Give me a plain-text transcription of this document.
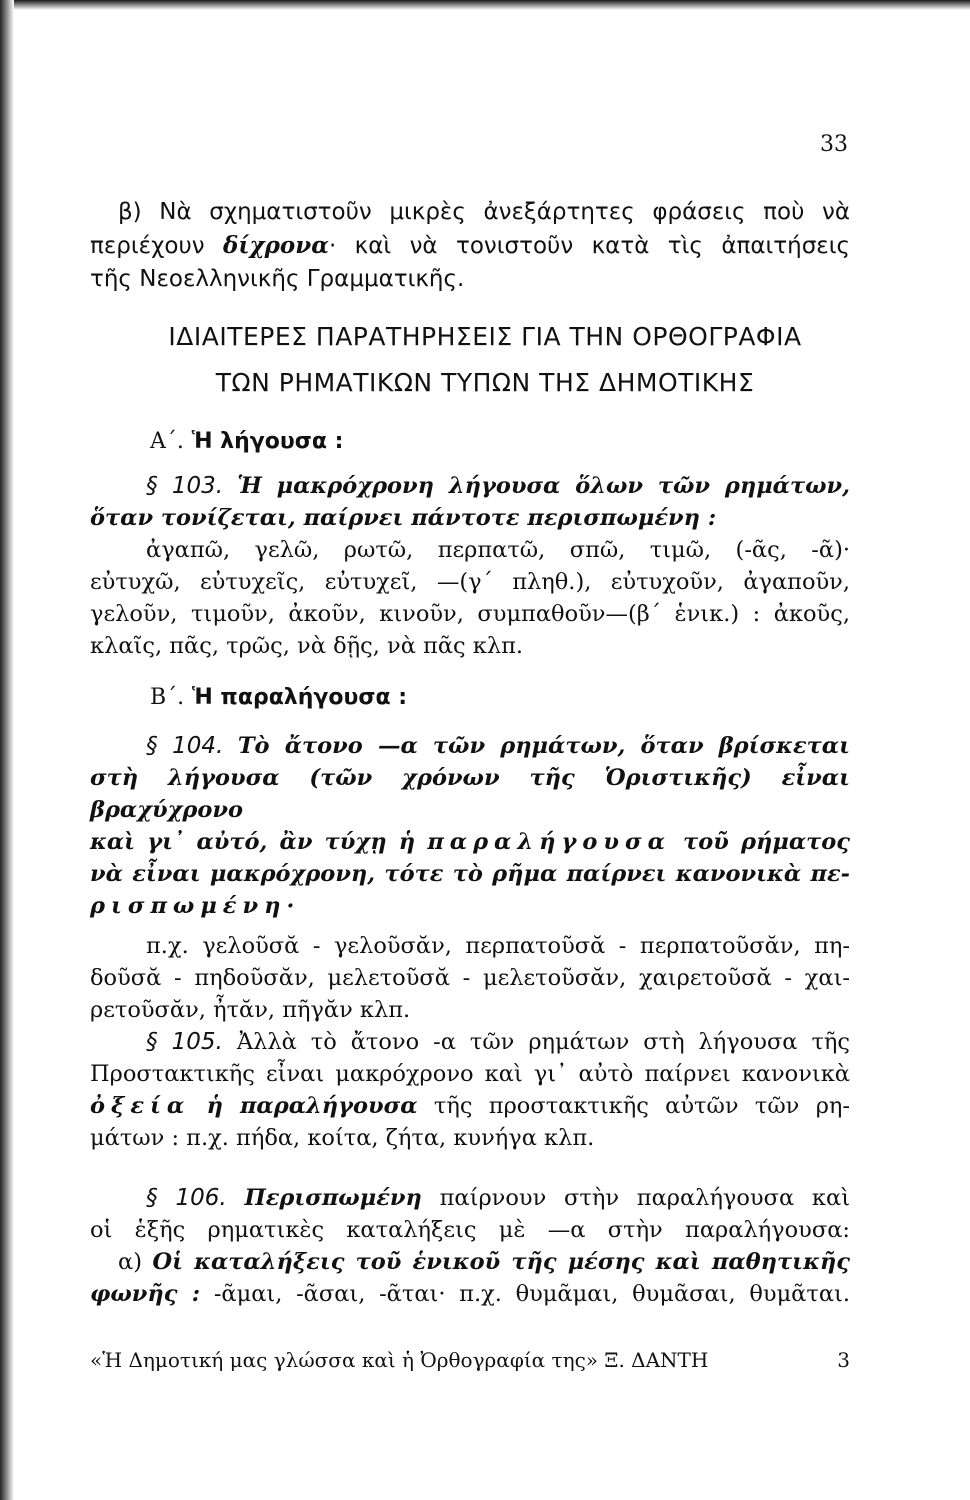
33
β) Νὰ σχηματιστοῦν μικρὲς ἀνεξάρτητες φράσεις ποὺ νὰ
περιέχουν δίχρονα· καὶ νὰ τονιστοῦν κατὰ τὶς ἀπαιτήσεις
τῆς Νεοελληνικῆς Γραμματικῆς.
ΙΔΙΑΙΤΕΡΕΣ ΠΑΡΑΤΗΡΗΣΕΙΣ ΓΙΑ ΤΗΝ ΟΡΘΟΓΡΑΦΙΑ
ΤΩΝ ΡΗΜΑΤΙΚΩΝ ΤΥΠΩΝ ΤΗΣ ΔΗΜΟΤΙΚΗΣ
Α΄. Ἡ λήγουσα :
§ 103. Ἡ μακρόχρονη λήγουσα ὅλων τῶν ρημάτων,
ὅταν τονίζεται, παίρνει πάντοτε περισπωμένη :
ἀγαπῶ, γελῶ, ρωτῶ, περπατῶ, σπῶ, τιμῶ, (-ᾶς, -ᾶ)·
εὐτυχῶ, εὐτυχεῖς, εὐτυχεῖ, —(γ΄ πληθ.), εὐτυχοῦν, ἀγαποῦν,
γελοῦν, τιμοῦν, ἀκοῦν, κινοῦν, συμπαθοῦν—(β΄ ἑνικ.) : ἀκοῦς,
κλαῖς, πᾶς, τρῶς, νὰ δῇς, νὰ πᾶς κλπ.
Β΄. Ἡ παραλήγουσα :
§ 104. Τὸ ἄτονο —α τῶν ρημάτων, ὅταν βρίσκεται
στὴ λήγουσα (τῶν χρόνων τῆς Ὁριστικῆς) εἶναι βραχύχρονο
καὶ γι᾿ αὐτό, ἂν τύχῃ ἡ παραλήγουσα τοῦ ρήματος
νὰ εἶναι μακρόχρονη, τότε τὸ ρῆμα παίρνει κανονικὰ πε-
ρισπωμένη·
π.χ. γελοῦσᾰ - γελοῦσᾰν, περπατοῦσᾰ - περπατοῦσᾰν, πη-
δοῦσᾰ - πηδοῦσᾰν, μελετοῦσᾰ - μελετοῦσᾰν, χαιρετοῦσᾰ - χαι-
ρετοῦσᾰν, ἦτᾰν, πῆγᾰν κλπ.
§ 105. Ἀλλὰ τὸ ἄτονο -α τῶν ρημάτων στὴ λήγουσα τῆς
Προστακτικῆς εἶναι μακρόχρονο καὶ γι᾿ αὐτὸ παίρνει κανονικὰ
ὀξεία ἡ παραλήγουσα τῆς προστακτικῆς αὐτῶν τῶν ρη-
μάτων : π.χ. πήδα, κοίτα, ζήτα, κυνήγα κλπ.
§ 106. Περισπωμένη παίρνουν στὴν παραλήγουσα καὶ
οἱ ἑξῆς ρηματικὲς καταλήξεις μὲ —α στὴν παραλήγουσα:
α) Οἱ καταλήξεις τοῦ ἑνικοῦ τῆς μέσης καὶ παθητικῆς
φωνῆς : -ᾶμαι, -ᾶσαι, -ᾶται· π.χ. θυμᾶμαι, θυμᾶσαι, θυμᾶται.
«Ἡ Δημοτική μας γλώσσα καὶ ἡ Ὀρθογραφία της» Ξ. ΔΑΝΤΗ	3
